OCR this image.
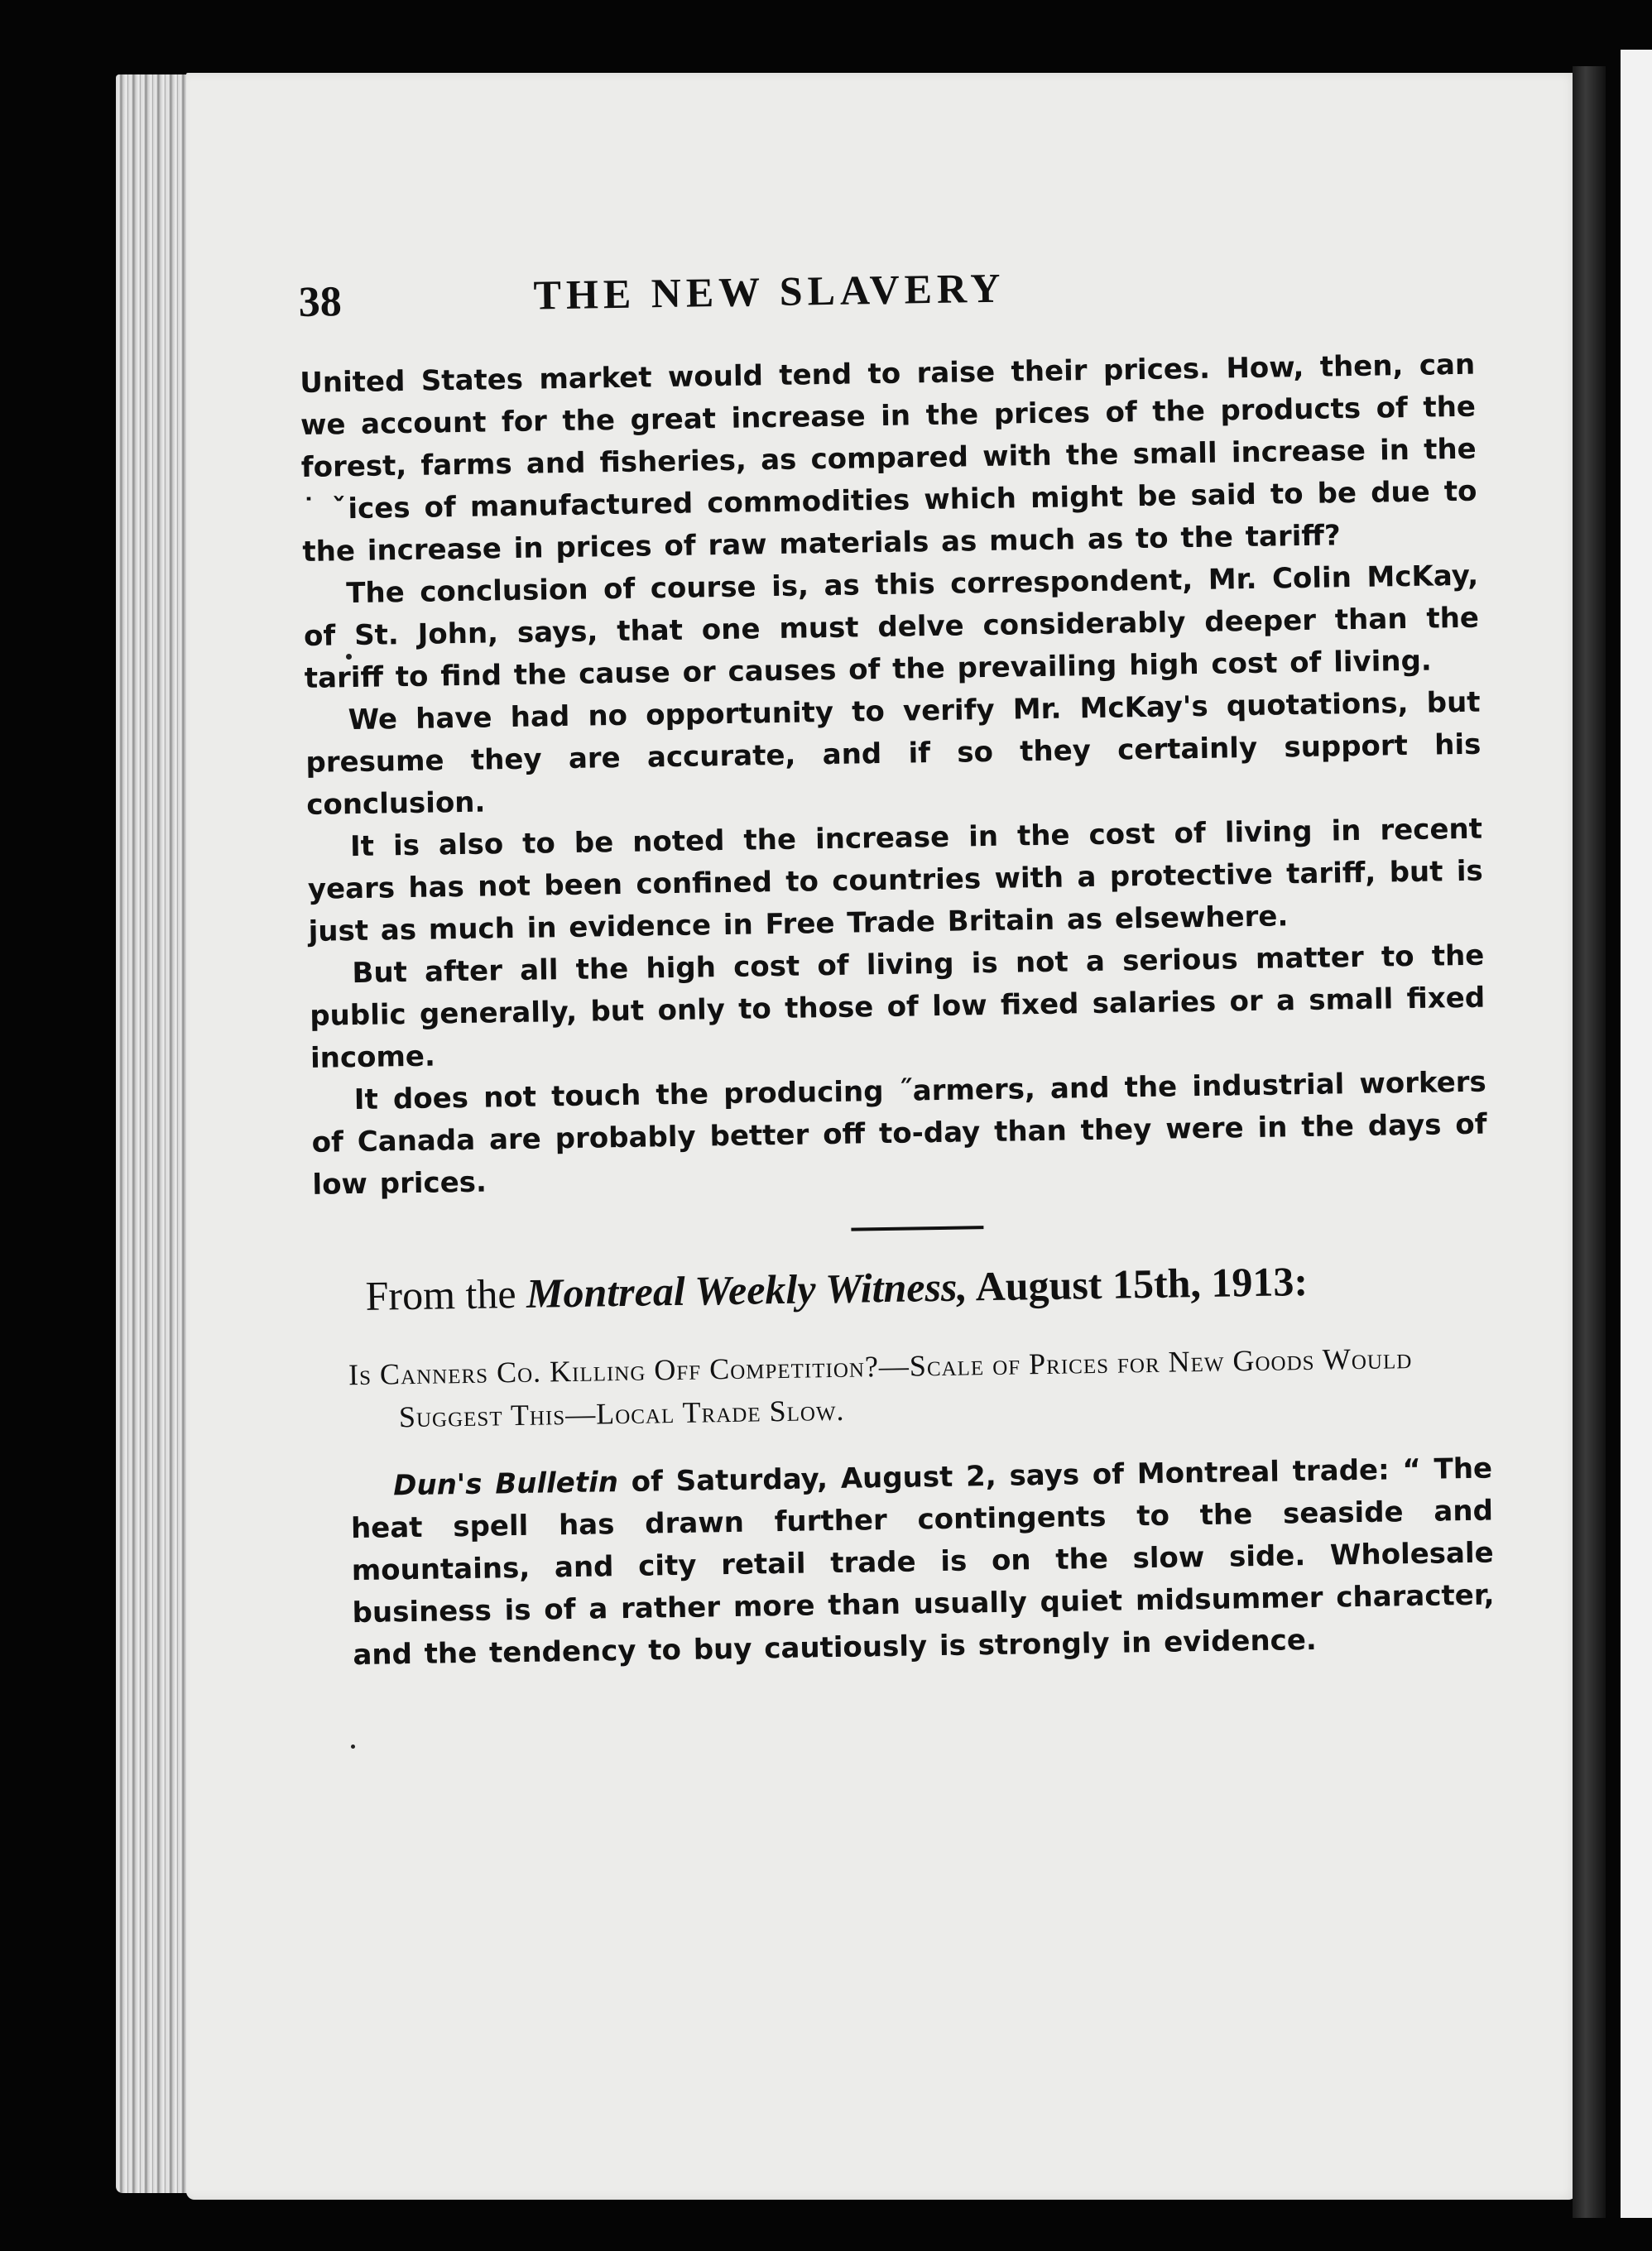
38	THE NEW SLAVERY

United States market would tend to raise their prices. How, then, can we account for the great increase in the prices of the products of the forest, farms and fisheries, as compared with the small increase in the ˙ ˇices of manufactured commodities which might be said to be due to the increase in prices of raw materials as much as to the tariff?

The conclusion of course is, as this correspondent, Mr. Colin McKay, of St. John, says, that one must delve considerably deeper than the tariff to find the cause or causes of the prevailing high cost of living.

We have had no opportunity to verify Mr. McKay's quotations, but presume they are accurate, and if so they certainly support his conclusion.

It is also to be noted the increase in the cost of living in recent years has not been confined to countries with a protective tariff, but is just as much in evidence in Free Trade Britain as elsewhere.

But after all the high cost of living is not a serious matter to the public generally, but only to those of low fixed salaries or a small fixed income.

It does not touch the producing ˝armers, and the industrial workers of Canada are probably better off to-day than they were in the days of low prices.

From the Montreal Weekly Witness, August 15th, 1913:
Is Canners Co. Killing Off Competition?—Scale of Prices for New Goods Would Suggest This—Local Trade Slow.

Dun's Bulletin of Saturday, August 2, says of Montreal trade: “ The heat spell has drawn further contingents to the seaside and mountains, and city retail trade is on the slow side. Wholesale business is of a rather more than usually quiet midsummer character, and the tendency to buy cautiously is strongly in evidence.
